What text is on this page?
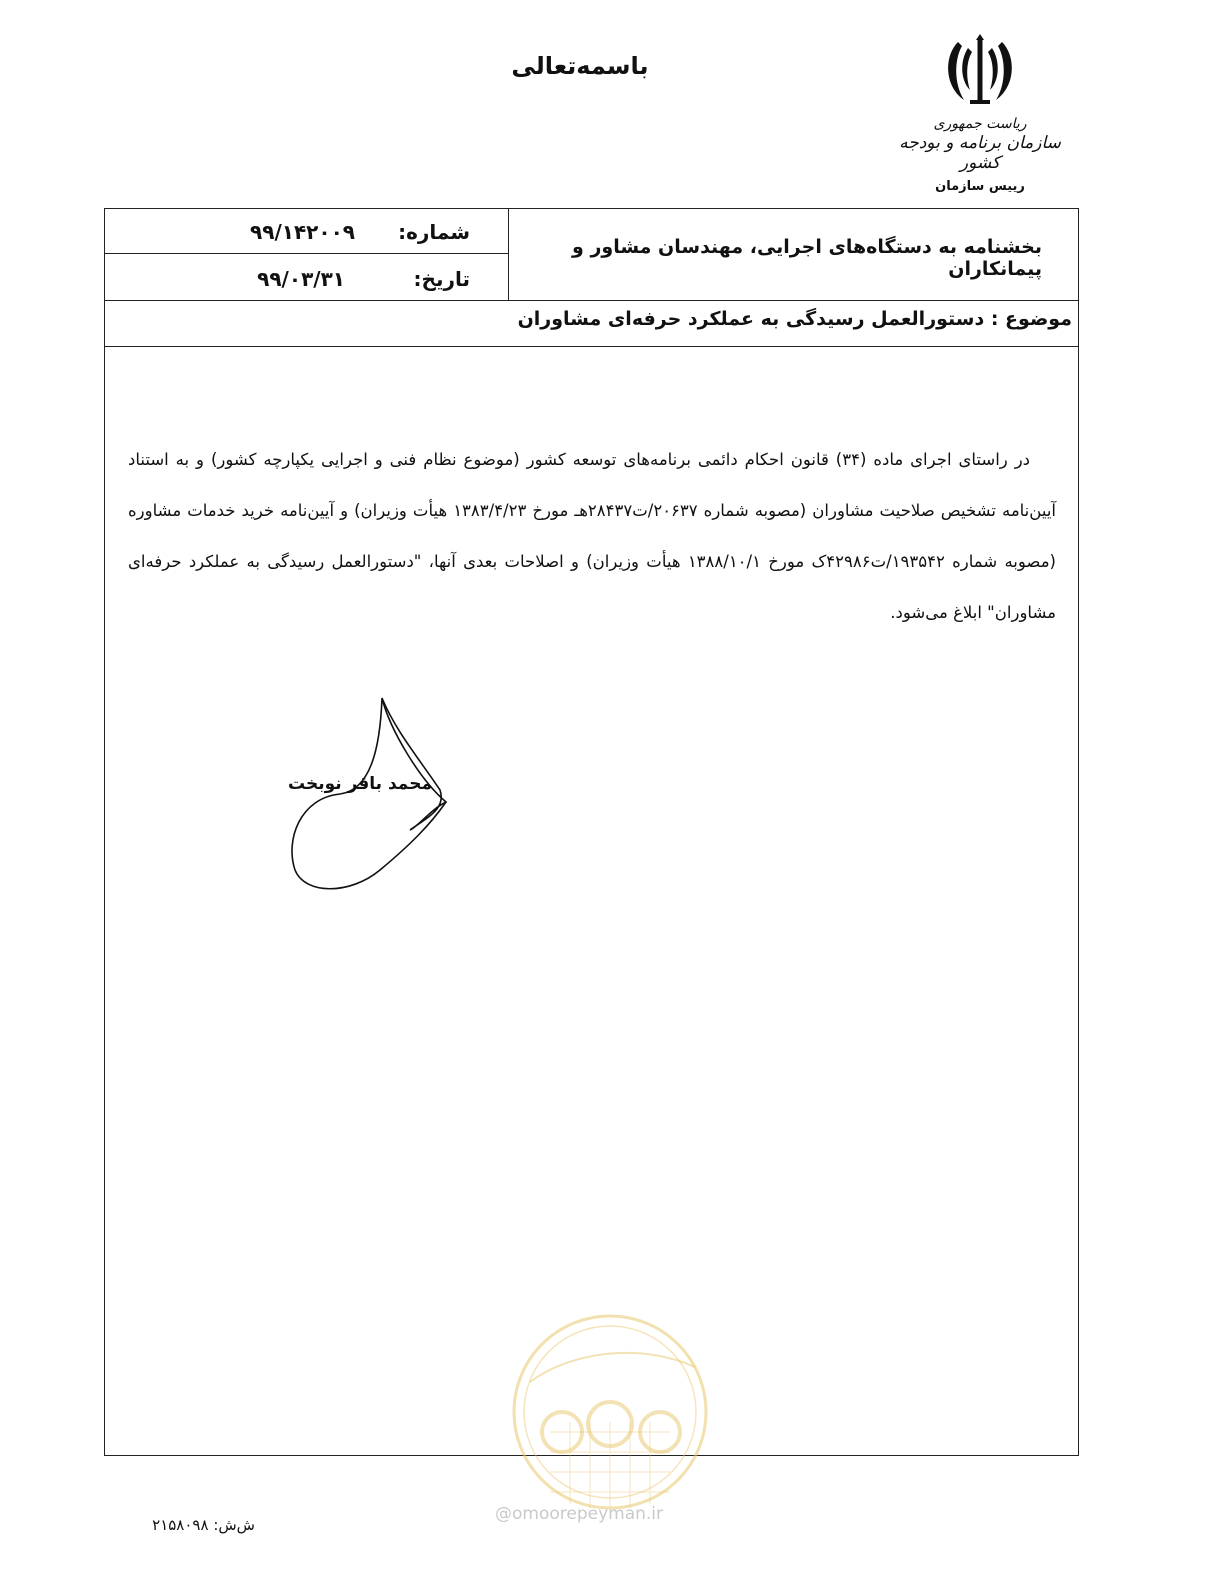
باسمه‌تعالی
ریاست جمهوری
سازمان برنامه و بودجه کشور
رییس سازمان
بخشنامه به دستگاه‌های اجرایی، مهندسان مشاور و پیمانکاران
شماره:
۹۹/۱۴۲۰۰۹
تاریخ:
۹۹/۰۳/۳۱
موضوع : دستورالعمل رسیدگی به عملکرد حرفه‌ای مشاوران

در راستای اجرای ماده (۳۴) قانون احکام دائمی برنامه‌های توسعه کشور (موضوع نظام فنی و اجرایی یکپارچه کشور) و به استناد آیین‌نامه تشخیص صلاحیت مشاوران (مصوبه شماره ۲۰۶۳۷/ت۲۸۴۳۷هـ مورخ ۱۳۸۳/۴/۲۳ هیأت وزیران) و آیین‌نامه خرید خدمات مشاوره (مصوبه شماره ۱۹۳۵۴۲/ت۴۲۹۸۶ک مورخ ۱۳۸۸/۱۰/۱ هیأت وزیران) و اصلاحات بعدی آنها، "دستورالعمل رسیدگی به عملکرد حرفه‌ای مشاوران" ابلاغ می‌شود.

محمد باقر نوبخت
@omoorepeyman.ir
ش‌ش: ۲۱۵۸۰۹۸
